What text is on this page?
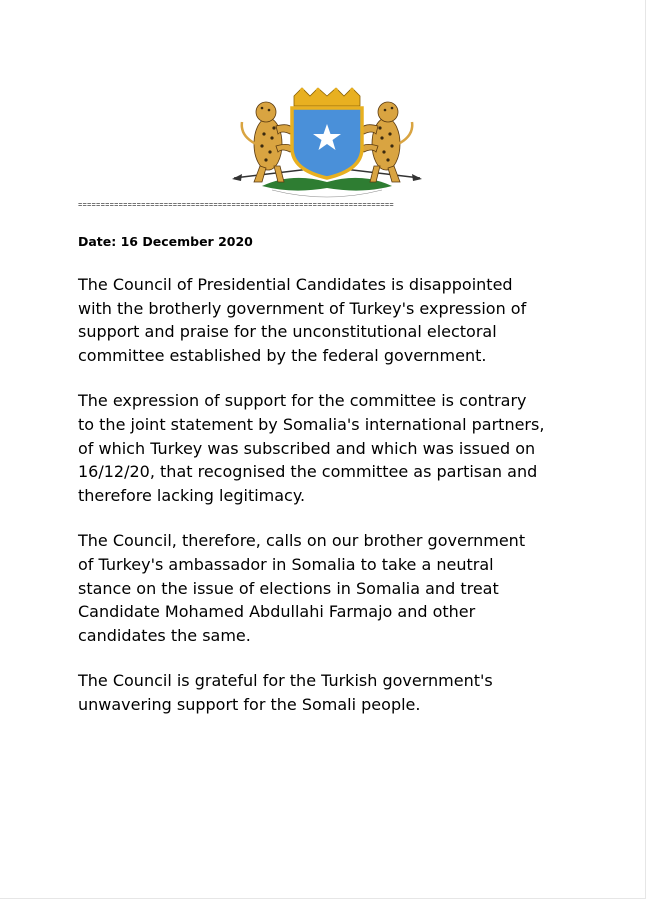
======================================================================
Date: 16 December 2020

The Council of Presidential Candidates is disappointed
with the brotherly government of Turkey's expression of
support and praise for the unconstitutional electoral
committee established by the federal government.

The expression of support for the committee is contrary
to the joint statement by Somalia's international partners,
of which Turkey was subscribed and which was issued on
16/12/20, that recognised the committee as partisan and
therefore lacking legitimacy.

The Council, therefore, calls on our brother government
of Turkey's ambassador in Somalia to take a neutral
stance on the issue of elections in Somalia and treat
Candidate Mohamed Abdullahi Farmajo and other
candidates the same.

The Council is grateful for the Turkish government's
unwavering support for the Somali people.
